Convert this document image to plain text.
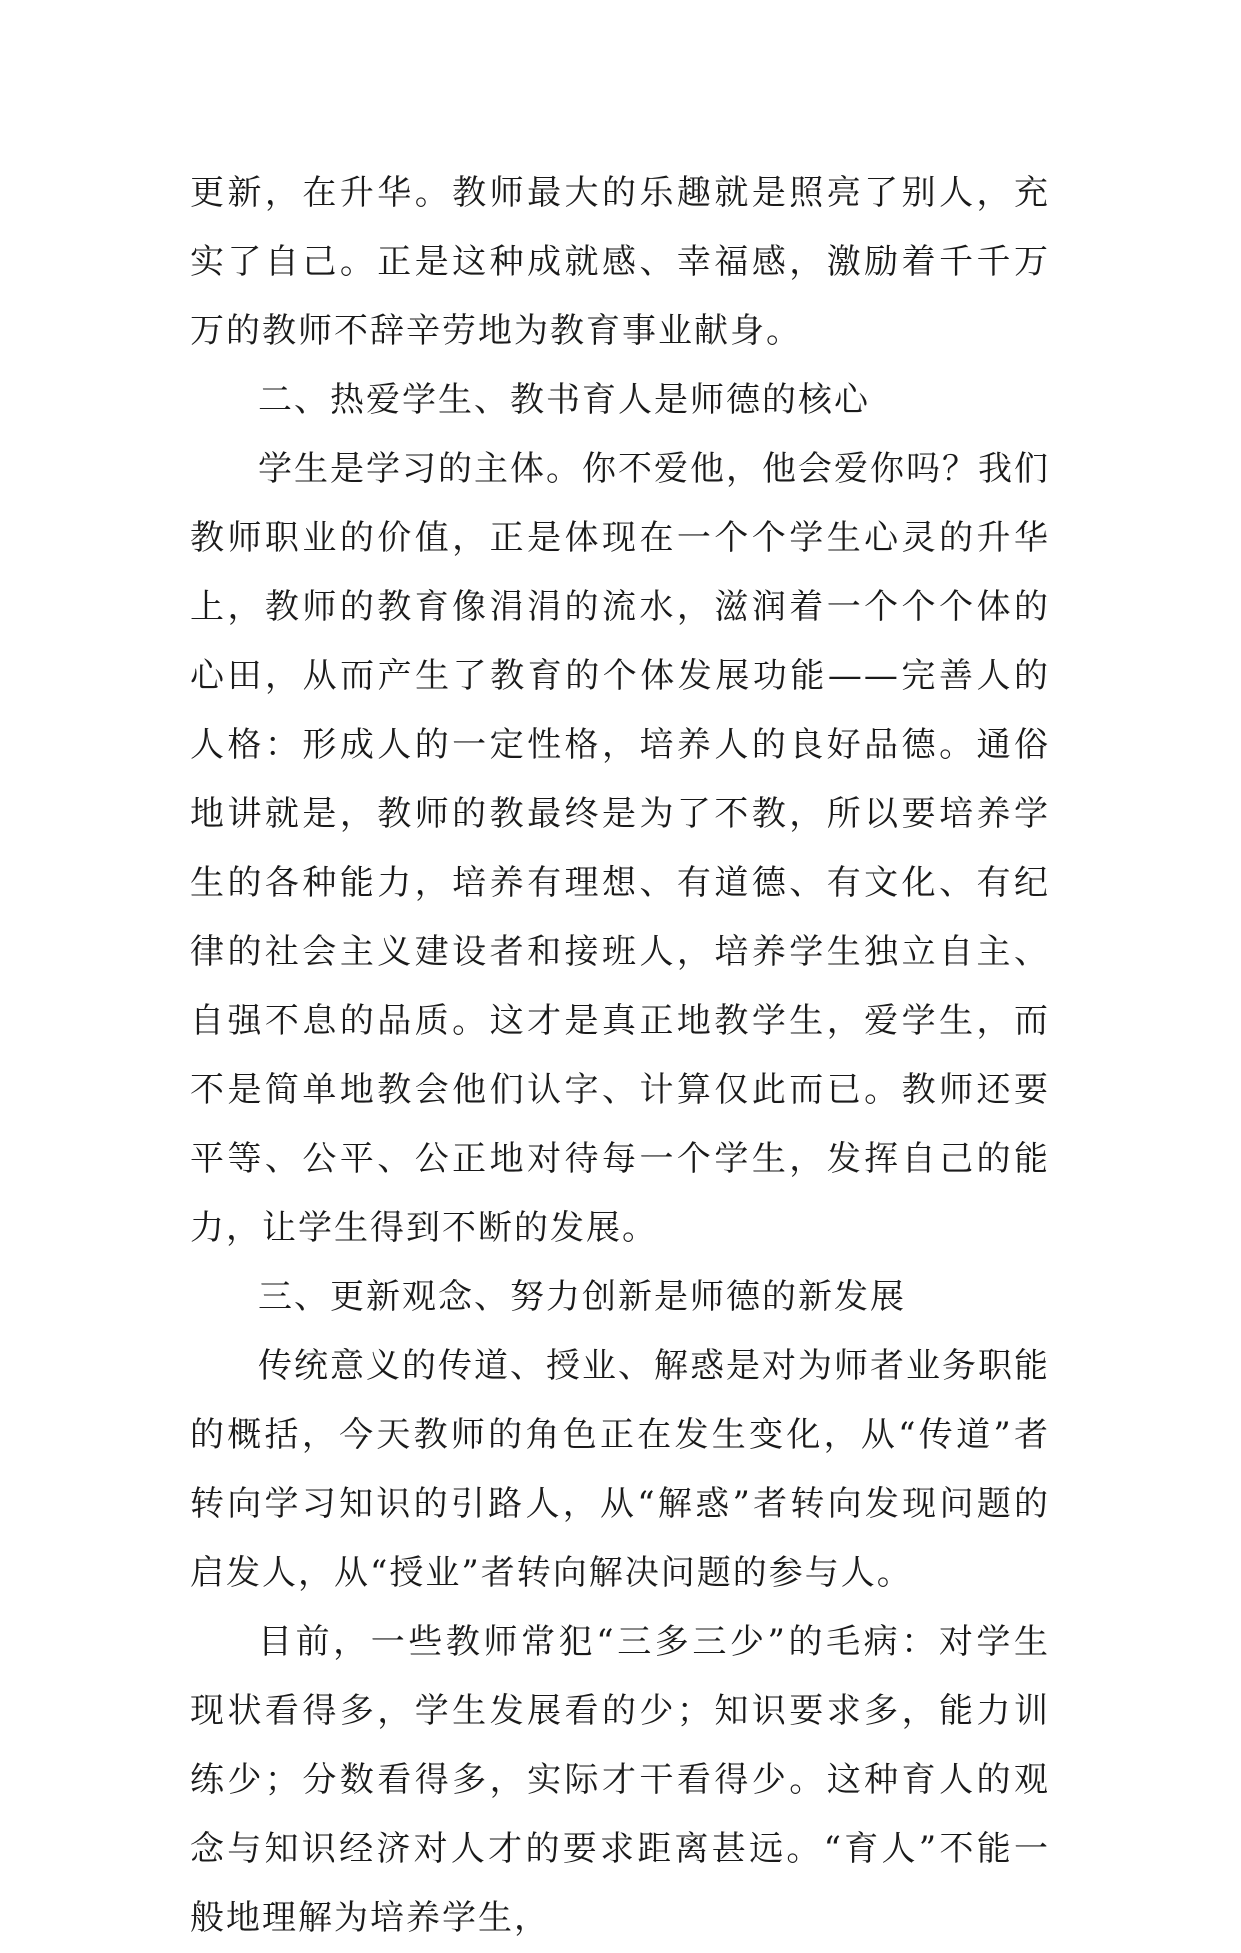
更新，在升华。教师最大的乐趣就是照亮了别人，充实了自己。正是这种成就感、幸福感，激励着千千万万的教师不辞辛劳地为教育事业献身。

二、热爱学生、教书育人是师德的核心

学生是学习的主体。你不爱他，他会爱你吗？我们教师职业的价值，正是体现在一个个学生心灵的升华上，教师的教育像涓涓的流水，滋润着一个个个体的心田，从而产生了教育的个体发展功能——完善人的人格：形成人的一定性格，培养人的良好品德。通俗地讲就是，教师的教最终是为了不教，所以要培养学生的各种能力，培养有理想、有道德、有文化、有纪律的社会主义建设者和接班人，培养学生独立自主、自强不息的品质。这才是真正地教学生，爱学生，而不是简单地教会他们认字、计算仅此而已。教师还要平等、公平、公正地对待每一个学生，发挥自己的能力，让学生得到不断的发展。

三、更新观念、努力创新是师德的新发展

传统意义的传道、授业、解惑是对为师者业务职能的概括，今天教师的角色正在发生变化，从“传道”者转向学习知识的引路人，从“解惑”者转向发现问题的启发人，从“授业”者转向解决问题的参与人。

目前，一些教师常犯“三多三少”的毛病：对学生现状看得多，学生发展看的少；知识要求多，能力训练少；分数看得多，实际才干看得少。这种育人的观念与知识经济对人才的要求距离甚远。“育人”不能一般地理解为培养学生，
